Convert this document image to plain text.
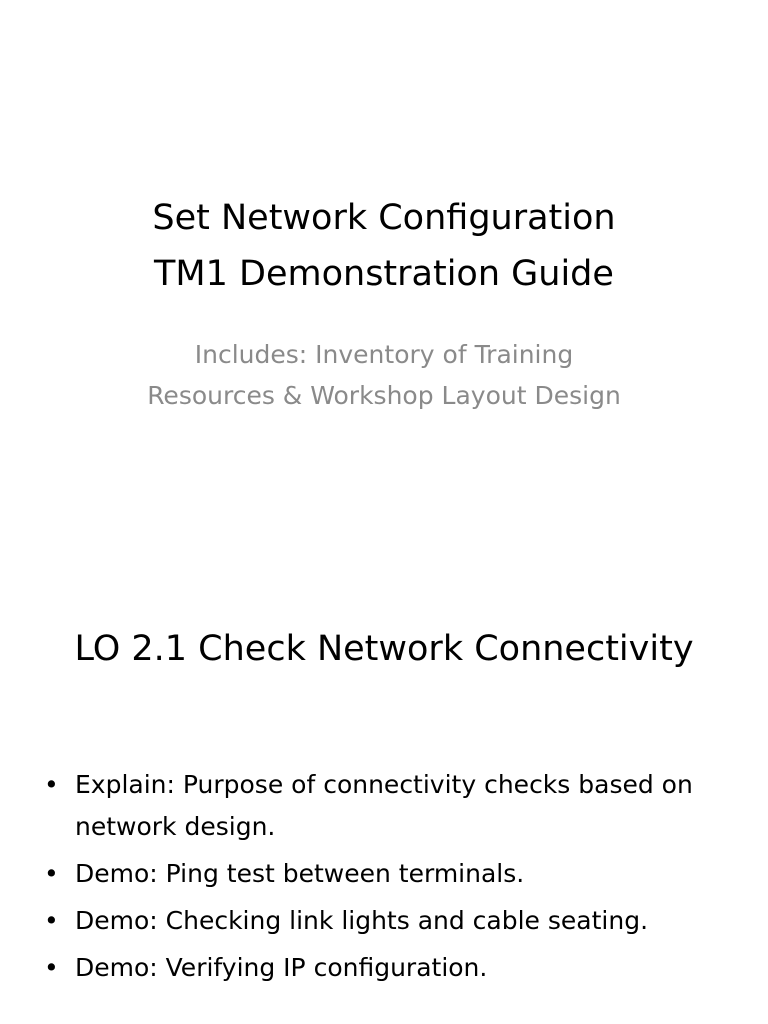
Set Network Configuration
TM1 Demonstration Guide

Includes: Inventory of Training
Resources & Workshop Layout Design

LO 2.1 Check Network Connectivity
• Explain: Purpose of connectivity checks based on network design.
• Demo: Ping test between terminals.
• Demo: Checking link lights and cable seating.
• Demo: Verifying IP configuration.
